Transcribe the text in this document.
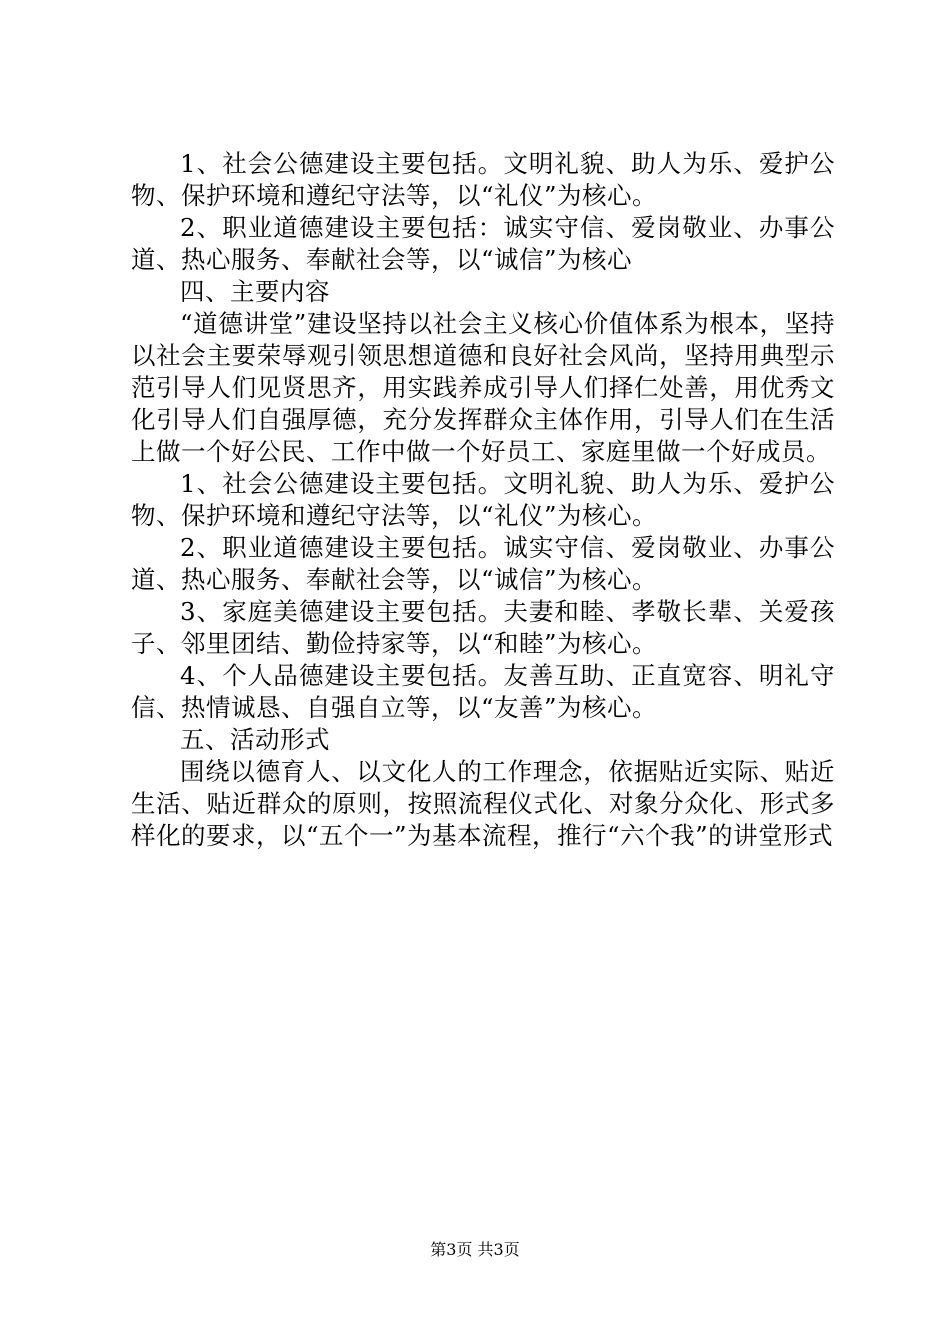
1、社会公德建设主要包括。文明礼貌、助人为乐、爱护公物、保护环境和遵纪守法等，以“礼仪”为核心。

2、职业道德建设主要包括：诚实守信、爱岗敬业、办事公道、热心服务、奉献社会等，以“诚信”为核心

四、主要内容

“道德讲堂”建设坚持以社会主义核心价值体系为根本，坚持以社会主要荣辱观引领思想道德和良好社会风尚，坚持用典型示范引导人们见贤思齐，用实践养成引导人们择仁处善，用优秀文化引导人们自强厚德，充分发挥群众主体作用，引导人们在生活上做一个好公民、工作中做一个好员工、家庭里做一个好成员。

1、社会公德建设主要包括。文明礼貌、助人为乐、爱护公物、保护环境和遵纪守法等，以“礼仪”为核心。

2、职业道德建设主要包括。诚实守信、爱岗敬业、办事公道、热心服务、奉献社会等，以“诚信”为核心。

3、家庭美德建设主要包括。夫妻和睦、孝敬长辈、关爱孩子、邻里团结、勤俭持家等，以“和睦”为核心。

4、个人品德建设主要包括。友善互助、正直宽容、明礼守信、热情诚恳、自强自立等，以“友善”为核心。

五、活动形式

围绕以德育人、以文化人的工作理念，依据贴近实际、贴近生活、贴近群众的原则，按照流程仪式化、对象分众化、形式多样化的要求，以“五个一”为基本流程，推行“六个我”的讲堂形式

第3页 共3页
